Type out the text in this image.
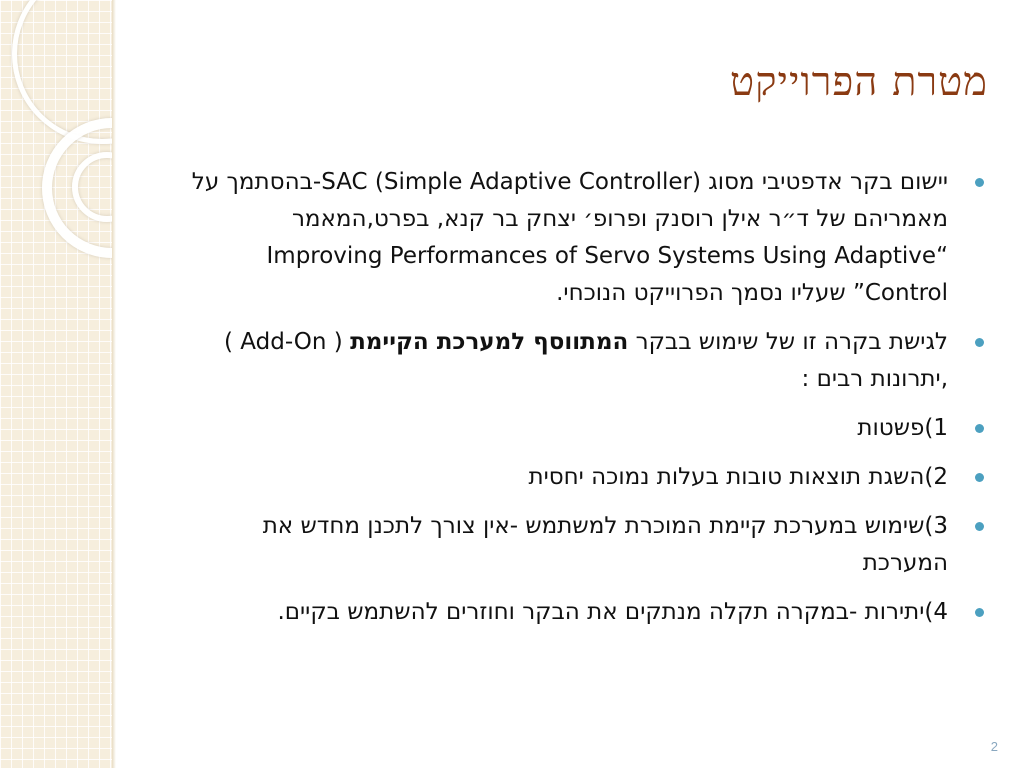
מטרת הפרוייקט
יישום בקר אדפטיבי מסוג SAC (Simple Adaptive Controller)-בהסתמך על מאמריהם של ד״ר אילן רוסנק ופרופ׳ יצחק בר קנא, בפרט,המאמר “Improving Performances of Servo Systems Using Adaptive Control” שעליו נסמך הפרוייקט הנוכחי.
לגישת בקרה זו של שימוש בבקר המתווסף למערכת הקיימת ( Add-On ) ,יתרונות רבים :
1)פשטות
2)השגת תוצאות טובות בעלות נמוכה יחסית
3)שימוש במערכת קיימת המוכרת למשתמש -אין צורך לתכנן מחדש את המערכת
4)יתירות -במקרה תקלה מנתקים את הבקר וחוזרים להשתמש בקיים.
2
